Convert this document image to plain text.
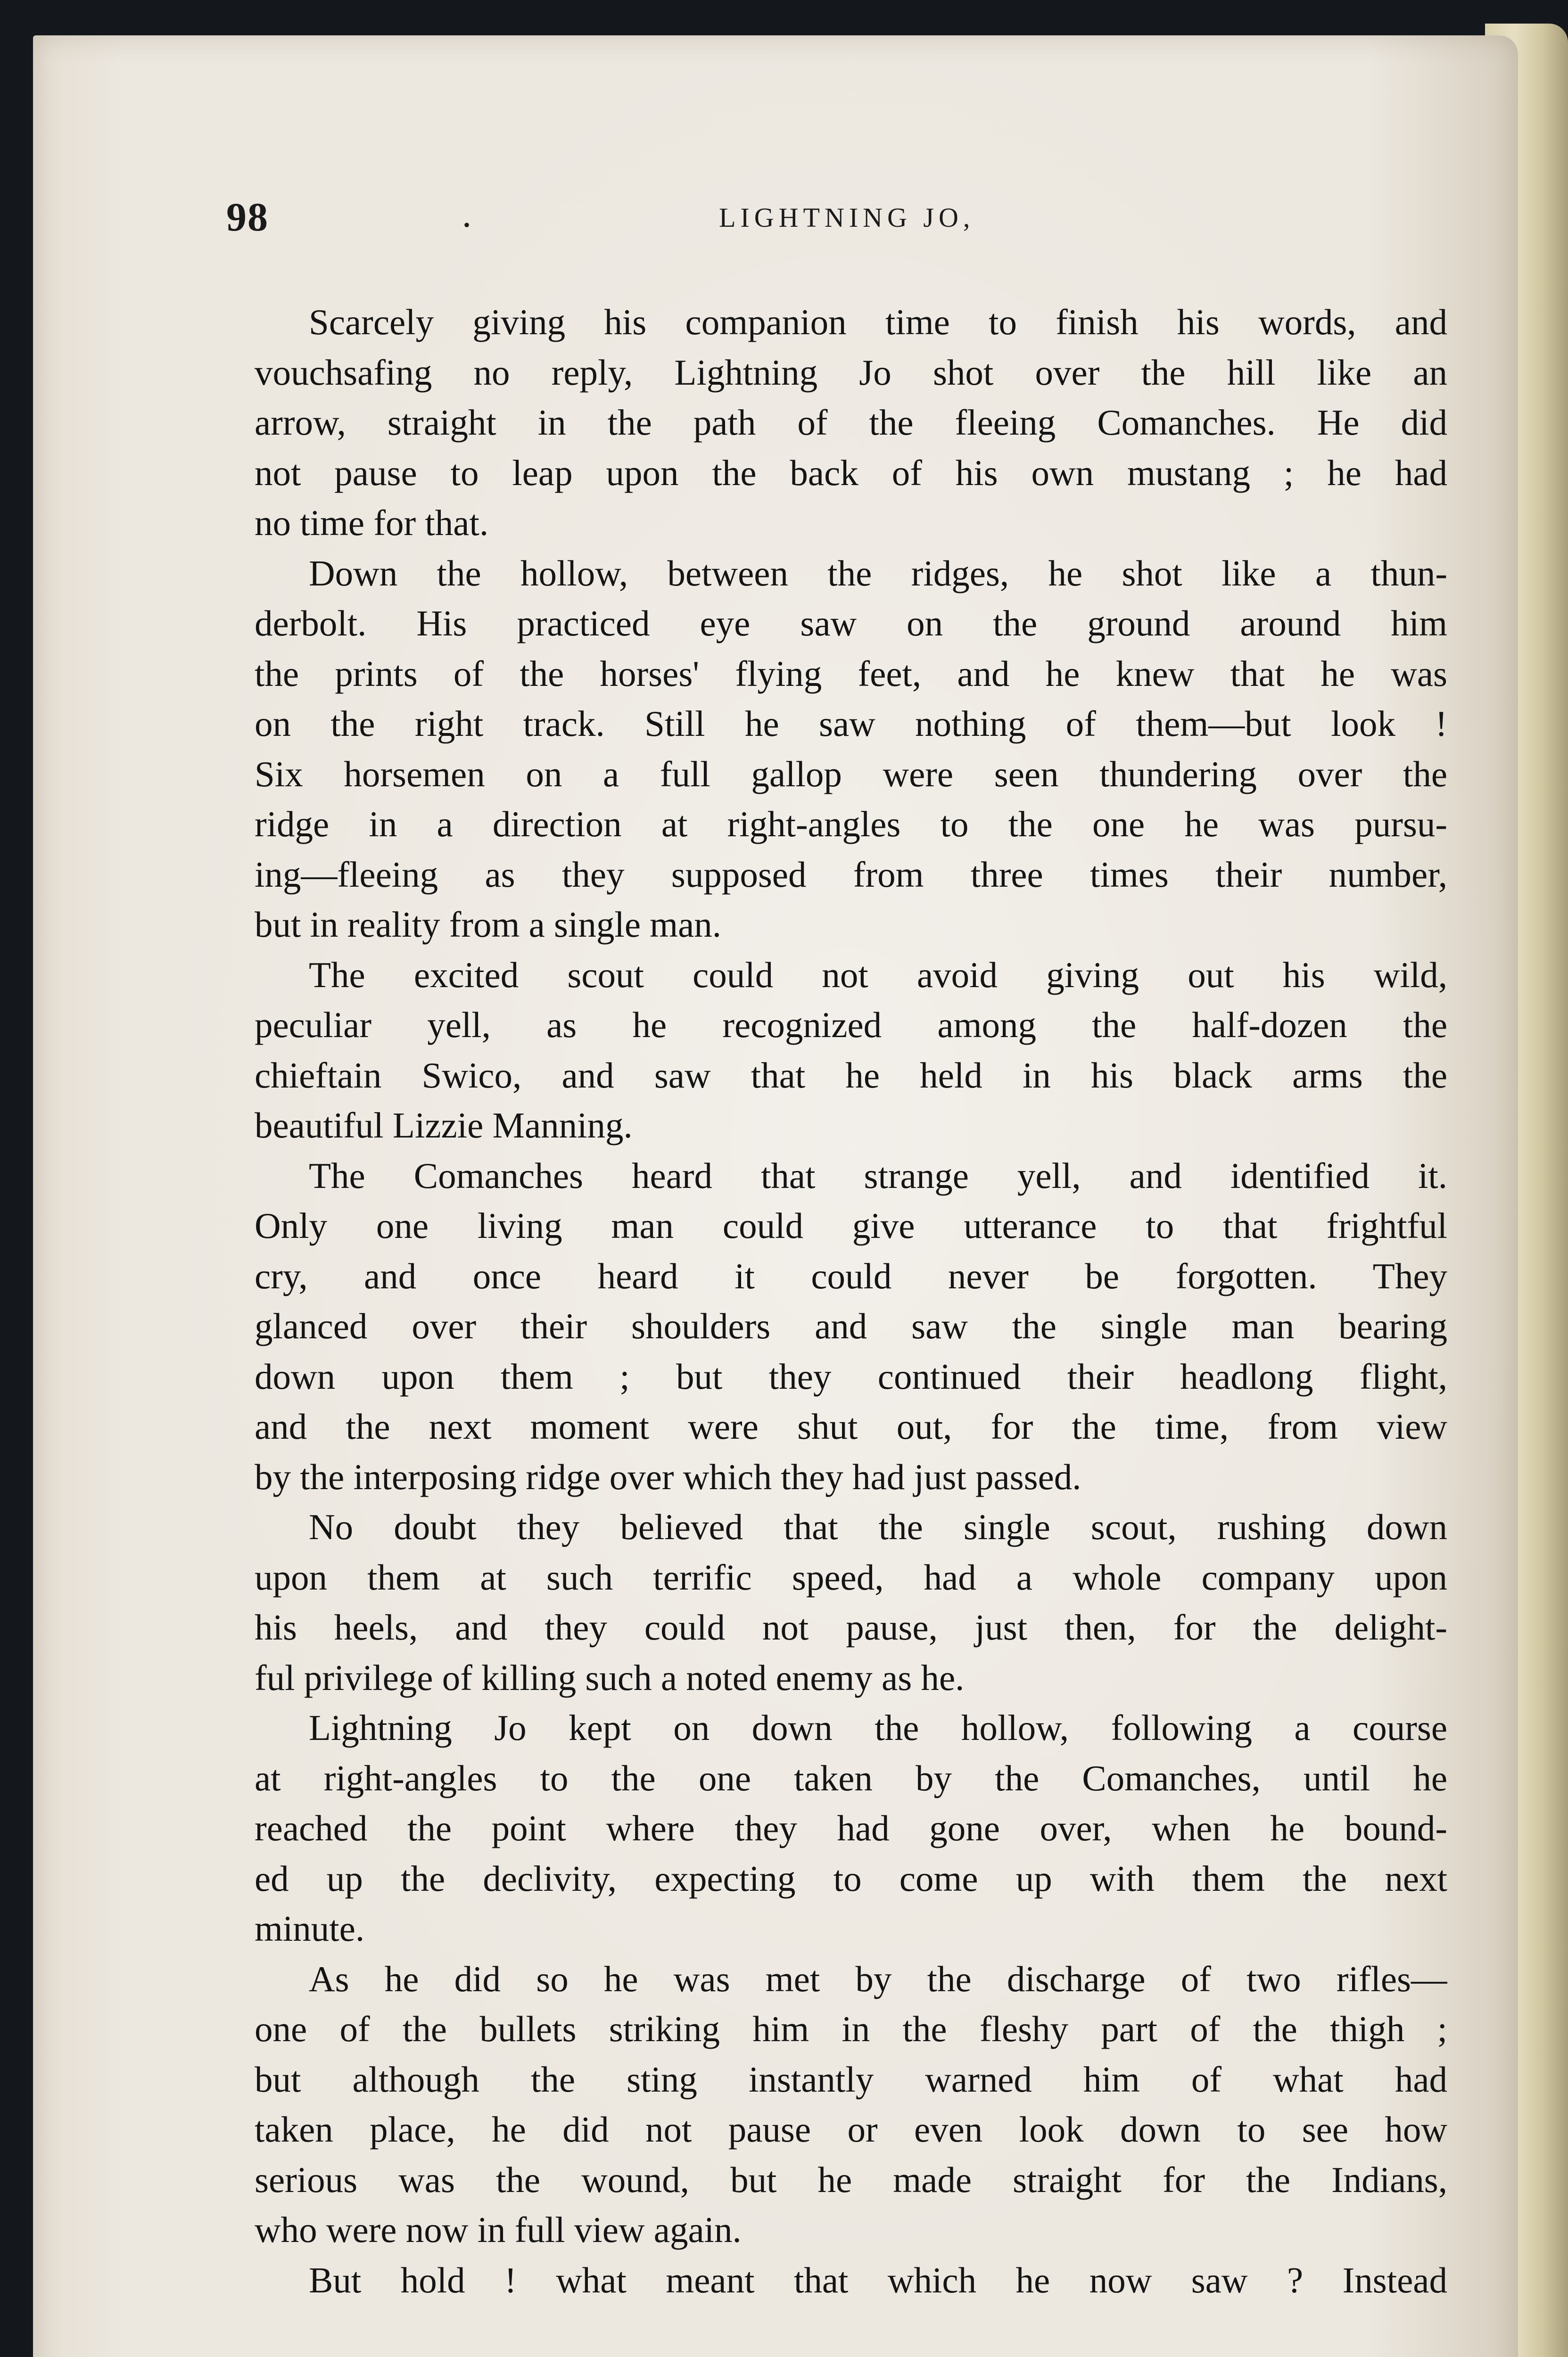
98	.	LIGHTNING JO,
Scarcely giving his companion time to finish his words, and
vouchsafing no reply, Lightning Jo shot over the hill like an
arrow, straight in the path of the fleeing Comanches. He did
not pause to leap upon the back of his own mustang ; he had
no time for that.
Down the hollow, between the ridges, he shot like a thun-
derbolt. His practiced eye saw on the ground around him
the prints of the horses' flying feet, and he knew that he was
on the right track. Still he saw nothing of them—but look !
Six horsemen on a full gallop were seen thundering over the
ridge in a direction at right-angles to the one he was pursu-
ing—fleeing as they supposed from three times their number,
but in reality from a single man.
The excited scout could not avoid giving out his wild,
peculiar yell, as he recognized among the half-dozen the
chieftain Swico, and saw that he held in his black arms the
beautiful Lizzie Manning.
The Comanches heard that strange yell, and identified it.
Only one living man could give utterance to that frightful
cry, and once heard it could never be forgotten. They
glanced over their shoulders and saw the single man bearing
down upon them ; but they continued their headlong flight,
and the next moment were shut out, for the time, from view
by the interposing ridge over which they had just passed.
No doubt they believed that the single scout, rushing down
upon them at such terrific speed, had a whole company upon
his heels, and they could not pause, just then, for the delight-
ful privilege of killing such a noted enemy as he.
Lightning Jo kept on down the hollow, following a course
at right-angles to the one taken by the Comanches, until he
reached the point where they had gone over, when he bound-
ed up the declivity, expecting to come up with them the next
minute.
As he did so he was met by the discharge of two rifles—
one of the bullets striking him in the fleshy part of the thigh ;
but although the sting instantly warned him of what had
taken place, he did not pause or even look down to see how
serious was the wound, but he made straight for the Indians,
who were now in full view again.
But hold ! what meant that which he now saw ? Instead
